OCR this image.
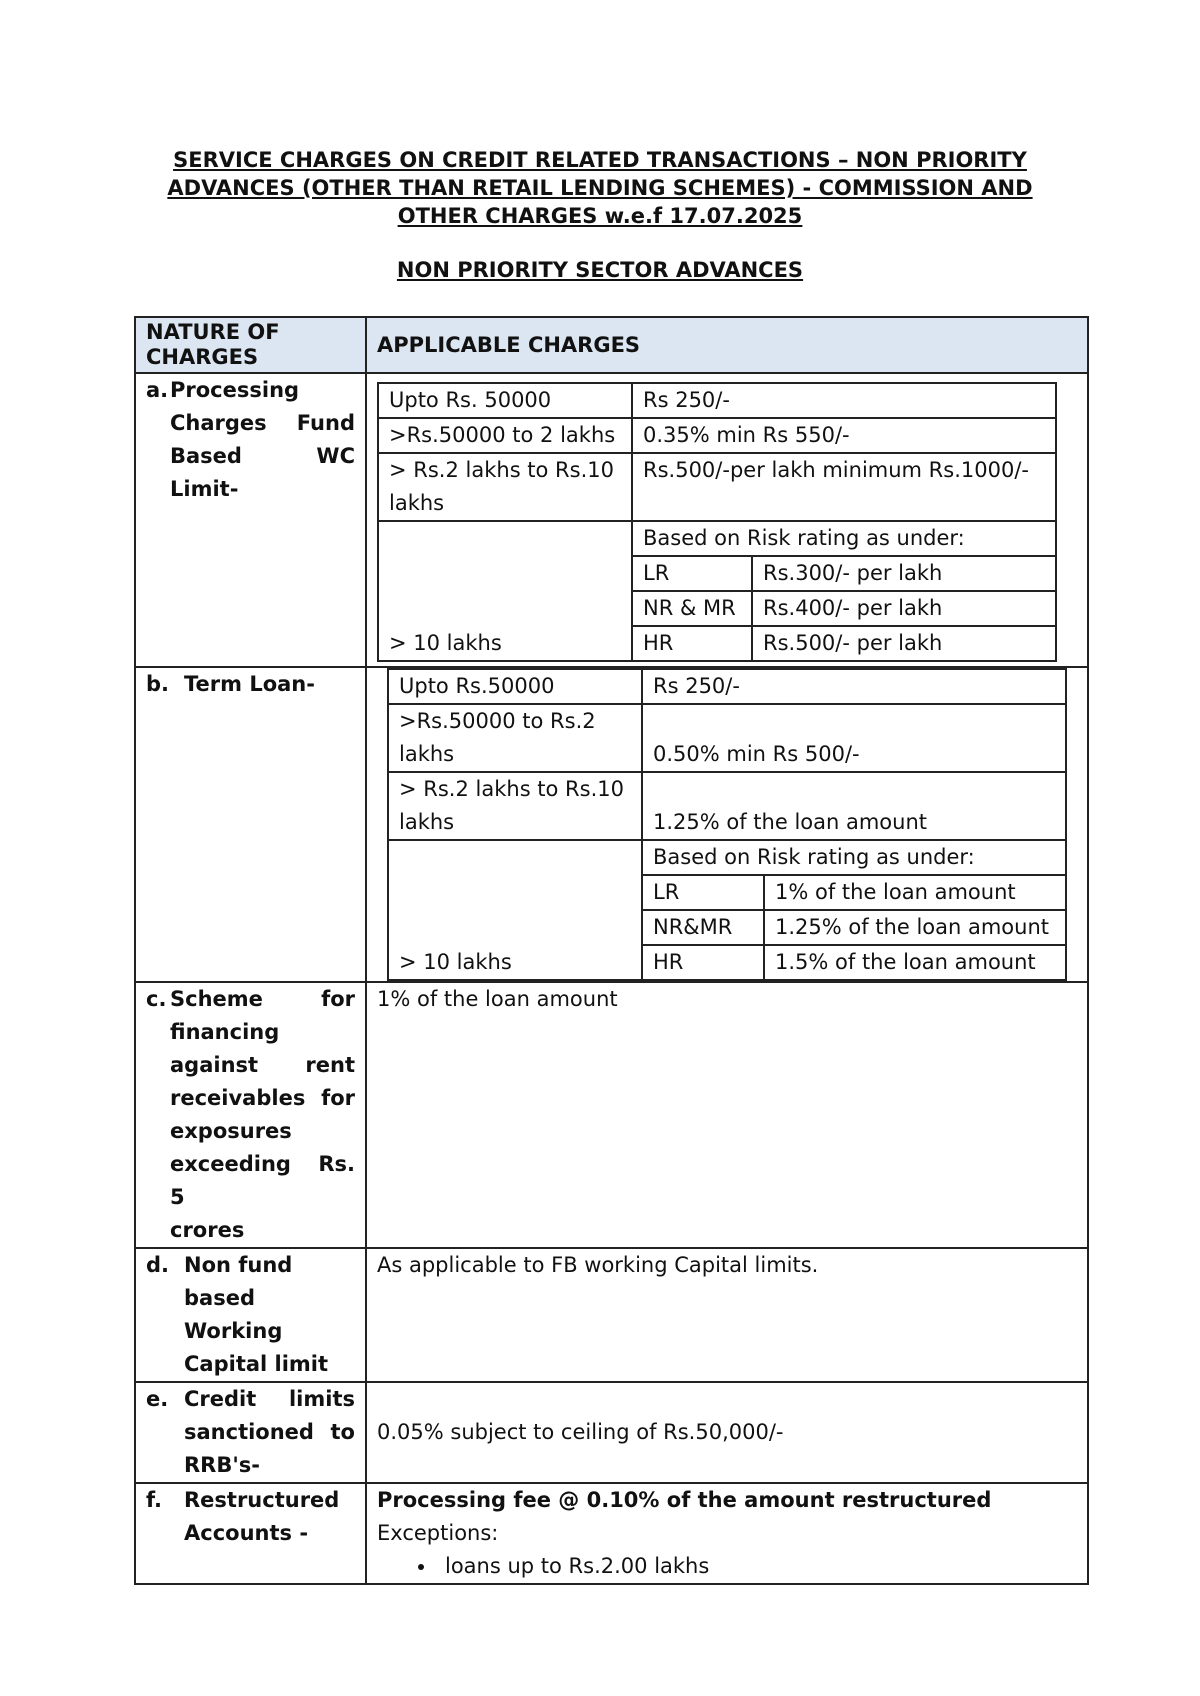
SERVICE CHARGES ON CREDIT RELATED TRANSACTIONS – NON PRIORITY
ADVANCES (OTHER THAN RETAIL LENDING SCHEMES) - COMMISSION AND
OTHER CHARGES w.e.f 17.07.2025
NON PRIORITY SECTOR ADVANCES
NATURE OF CHARGES	APPLICABLE CHARGES

a. Processing Charges Fund Based WC Limit-

Upto Rs. 50000	Rs 250/-
>Rs.50000 to 2 lakhs	0.35% min Rs 550/-
> Rs.2 lakhs to Rs.10 lakhs	Rs.500/-per lakh minimum Rs.1000/-
> 10 lakhs	Based on Risk rating as under:
LR	Rs.300/- per lakh
NR & MR	Rs.400/- per lakh
HR	Rs.500/- per lakh

b. Term Loan-
		Upto Rs.50000	Rs 250/-
>Rs.50000 to Rs.2 lakhs	0.50% min Rs 500/-
> Rs.2 lakhs to Rs.10 lakhs	1.25% of the loan amount
> 10 lakhs	Based on Risk rating as under:
LR	1% of the loan amount
NR&MR	1.25% of the loan amount
HR	1.5% of the loan amount

c. Scheme for
financing
against rent
receivables for
exposures
exceeding Rs. 5
crores
	1% of the loan amount

d. Non fund based Working Capital limit
	As applicable to FB working Capital limits.

e. Credit limits sanctioned to RRB's-
	0.05% subject to ceiling of Rs.50,000/-

f.	Restructured Accounts -

Processing fee @ 0.10% of the amount restructured
Exceptions:
• loans up to Rs.2.00 lakhs
